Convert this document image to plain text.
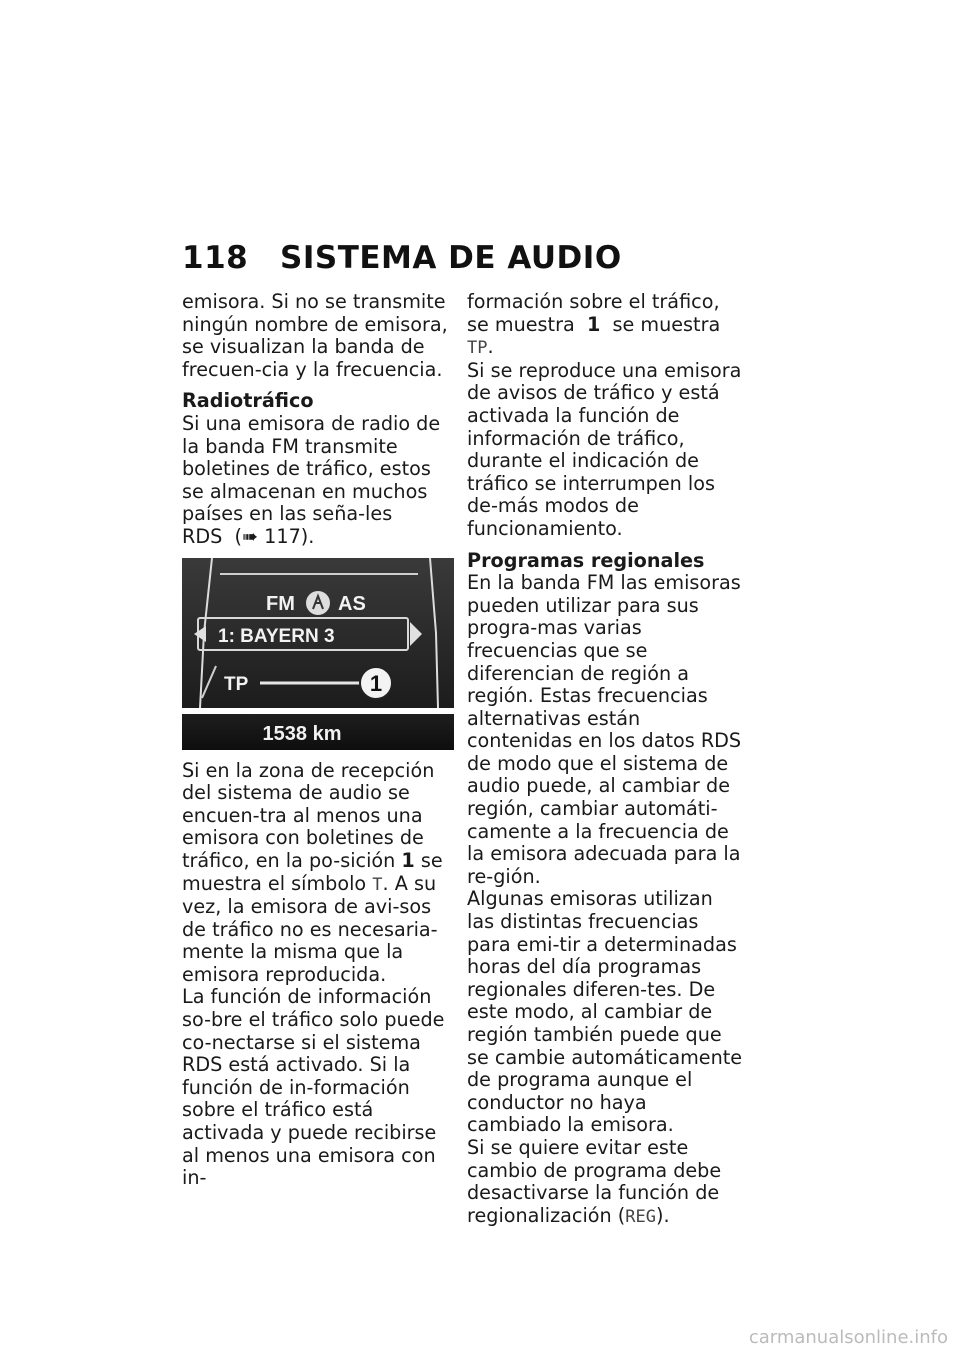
118 SISTEMA DE AUDIO

emisora. Si no se transmite ningún nombre de emisora, se visualizan la banda de frecuen-cia y la frecuencia.

Radiotráfico

Si una emisora de radio de la banda FM transmite boletines de tráfico, estos se almacenan en muchos países en las seña-les RDS  (➠ 117).

FM AS
1: BAYERN 3
TP	1
1538 km

Si en la zona de recepción del sistema de audio se encuen-tra al menos una emisora con boletines de tráfico, en la po-sición 1 se muestra el símbolo T. A su vez, la emisora de avi-sos de tráfico no es necesaria-mente la misma que la emisora reproducida.

La función de información so-bre el tráfico solo puede co-nectarse si el sistema RDS está activado. Si la función de in-formación sobre el tráfico está activada y puede recibirse al menos una emisora con in-

formación sobre el tráfico, se muestra 1 se muestra TP.

Si se reproduce una emisora de avisos de tráfico y está activada la función de información de tráfico, durante el indicación de tráfico se interrumpen los de-más modos de funcionamiento.

Programas regionales

En la banda FM las emisoras pueden utilizar para sus progra-mas varias frecuencias que se diferencian de región a región. Estas frecuencias alternativas están contenidas en los datos RDS de modo que el sistema de audio puede, al cambiar de región, cambiar automáti-camente a la frecuencia de la emisora adecuada para la re-gión.

Algunas emisoras utilizan las distintas frecuencias para emi-tir a determinadas horas del día programas regionales diferen-tes. De este modo, al cambiar de región también puede que se cambie automáticamente de programa aunque el conductor no haya cambiado la emisora.

Si se quiere evitar este cambio de programa debe desactivarse la función de regionalización (REG).

carmanualsonline.info
